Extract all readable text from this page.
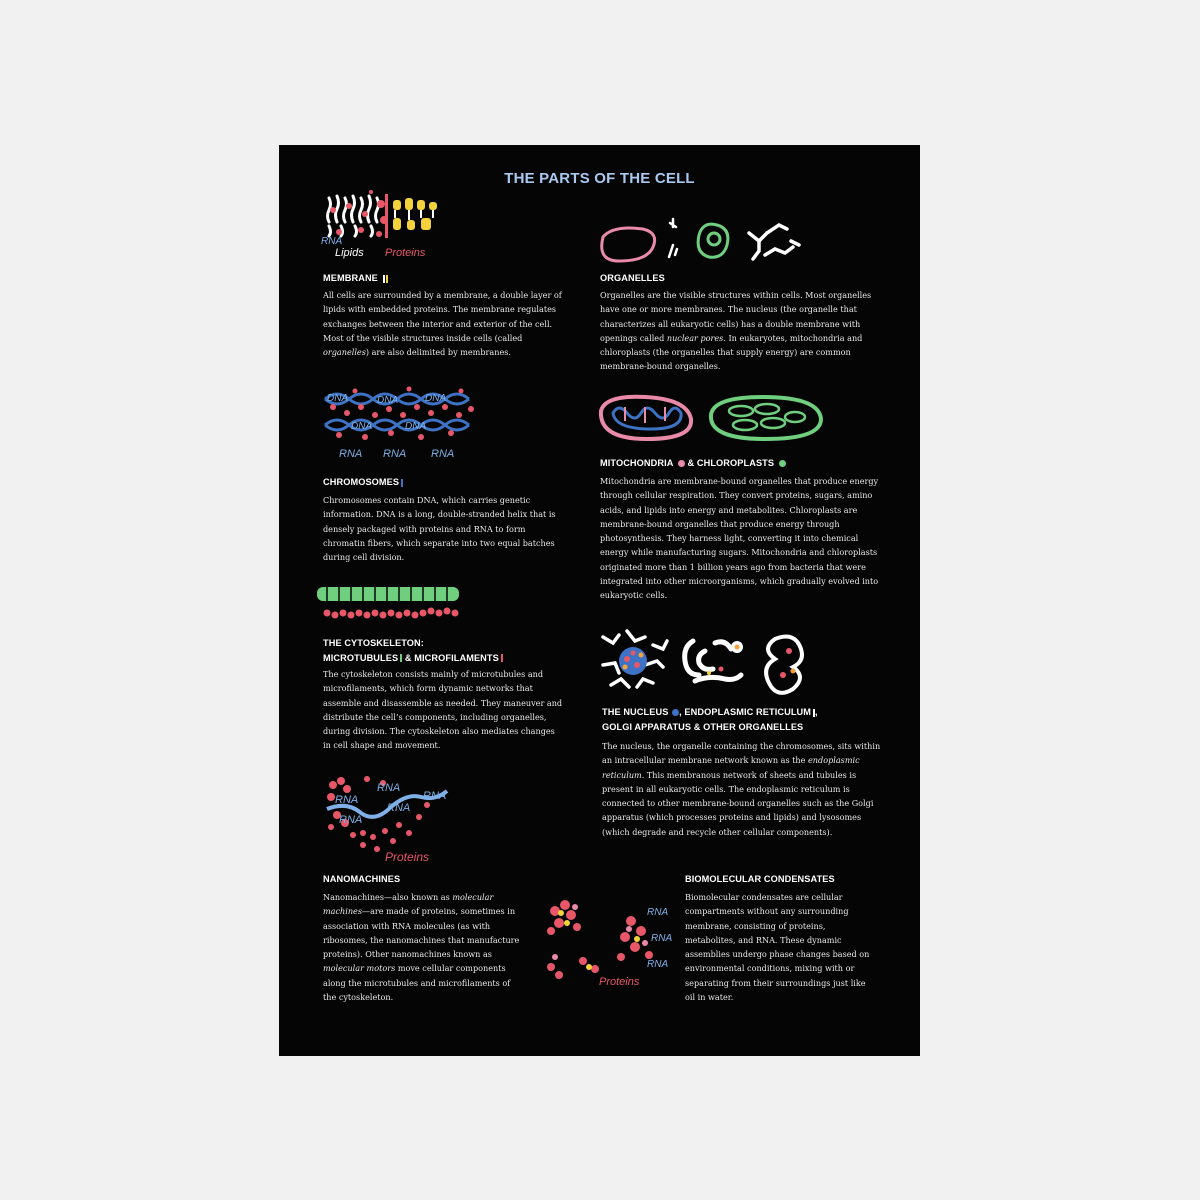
THE PARTS OF THE CELL
RNA
Lipids Proteins
MEMBRANE
All cells are surrounded by a membrane, a double layer of lipids with embedded proteins. The membrane regulates exchanges between the interior and exterior of the cell. Most of the visible structures inside cells (called organelles) are also delimited by membranes.
ORGANELLES
Organelles are the visible structures within cells. Most organelles have one or more membranes. The nucleus (the organelle that characterizes all eukaryotic cells) has a double membrane with openings called nuclear pores. In eukaryotes, mitochondria and chloroplasts (the organelles that supply energy) are common membrane-bound organelles.
DNA	DNA	DNA
DNA	DNA
RNA RNA RNA
CHROMOSOMES
Chromosomes contain DNA, which carries genetic information. DNA is a long, double-stranded helix that is densely packaged with proteins and RNA to form chromatin fibers, which separate into two equal batches during cell division.
MITOCHONDRIA & CHLOROPLASTS
Mitochondria are membrane-bound organelles that produce energy through cellular respiration. They convert proteins, sugars, amino acids, and lipids into energy and metabolites. Chloroplasts are membrane-bound organelles that produce energy through photosynthesis. They harness light, converting it into chemical energy while manufacturing sugars. Mitochondria and chloroplasts originated more than 1 billion years ago from bacteria that were integrated into other microorganisms, which gradually evolved into eukaryotic cells.
THE CYTOSKELETON:
MICROTUBULES & MICROFILAMENTS
The cytoskeleton consists mainly of microtubules and microfilaments, which form dynamic networks that assemble and disassemble as needed. They maneuver and distribute the cell’s components, including organelles, during division. The cytoskeleton also mediates changes in cell shape and movement.
THE NUCLEUS , ENDOPLASMIC RETICULUM ,
GOLGI APPARATUS & OTHER ORGANELLES
The nucleus, the organelle containing the chromosomes, sits within an intracellular membrane network known as the endoplasmic reticulum. This membranous network of sheets and tubules is present in all eukaryotic cells. The endoplasmic reticulum is connected to other membrane-bound organelles such as the Golgi apparatus (which processes proteins and lipids) and lysosomes (which degrade and recycle other cellular components).
RNA
RNA
RNA
RNA
RNA
Proteins
NANOMACHINES
Nanomachines—also known as molecular machines—are made of proteins, sometimes in association with RNA molecules (as with ribosomes, the nanomachines that manufacture proteins). Other nanomachines known as molecular motors move cellular components along the microtubules and microfilaments of the cytoskeleton.
RNA
RNA
RNA
Proteins
BIOMOLECULAR CONDENSATES
Biomolecular condensates are cellular compartments without any surrounding membrane, consisting of proteins, metabolites, and RNA. These dynamic assemblies undergo phase changes based on environmental conditions, mixing with or separating from their surroundings just like oil in water.
